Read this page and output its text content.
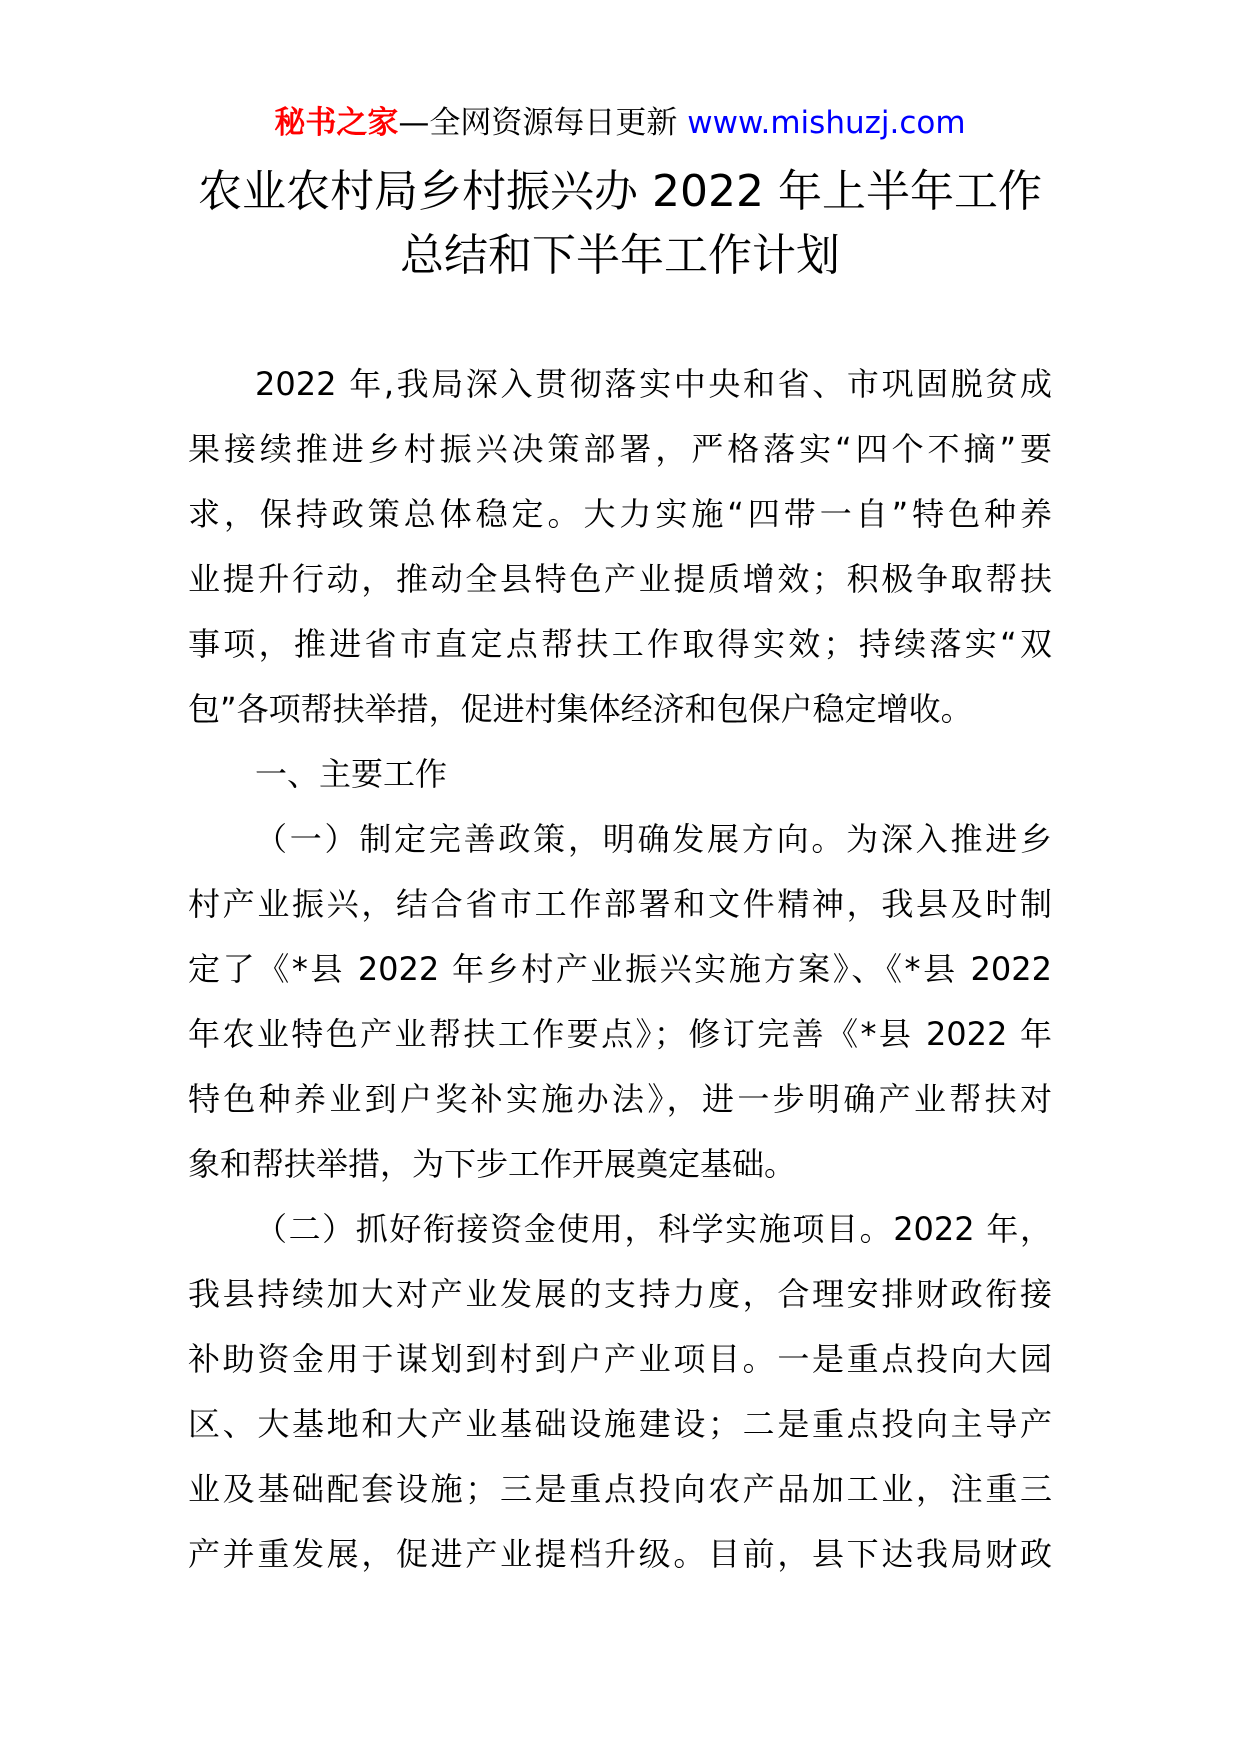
秘书之家—全网资源每日更新 www.mishuzj.com
农业农村局乡村振兴办 2022 年上半年工作
总结和下半年工作计划
2022 年,我局深入贯彻落实中央和省、市巩固脱贫成
果接续推进乡村振兴决策部署，严格落实“四个不摘”要
求，保持政策总体稳定。大力实施“四带一自”特色种养
业提升行动，推动全县特色产业提质增效；积极争取帮扶
事项，推进省市直定点帮扶工作取得实效；持续落实“双
包”各项帮扶举措，促进村集体经济和包保户稳定增收。
一、主要工作
（一）制定完善政策，明确发展方向。为深入推进乡
村产业振兴，结合省市工作部署和文件精神，我县及时制
定了《*县 2022 年乡村产业振兴实施方案》、《*县 2022
年农业特色产业帮扶工作要点》；修订完善《*县 2022 年
特色种养业到户奖补实施办法》，进一步明确产业帮扶对
象和帮扶举措，为下步工作开展奠定基础。
（二）抓好衔接资金使用，科学实施项目。2022 年，
我县持续加大对产业发展的支持力度，合理安排财政衔接
补助资金用于谋划到村到户产业项目。一是重点投向大园
区、大基地和大产业基础设施建设；二是重点投向主导产
业及基础配套设施；三是重点投向农产品加工业，注重三
产并重发展，促进产业提档升级。目前，县下达我局财政
